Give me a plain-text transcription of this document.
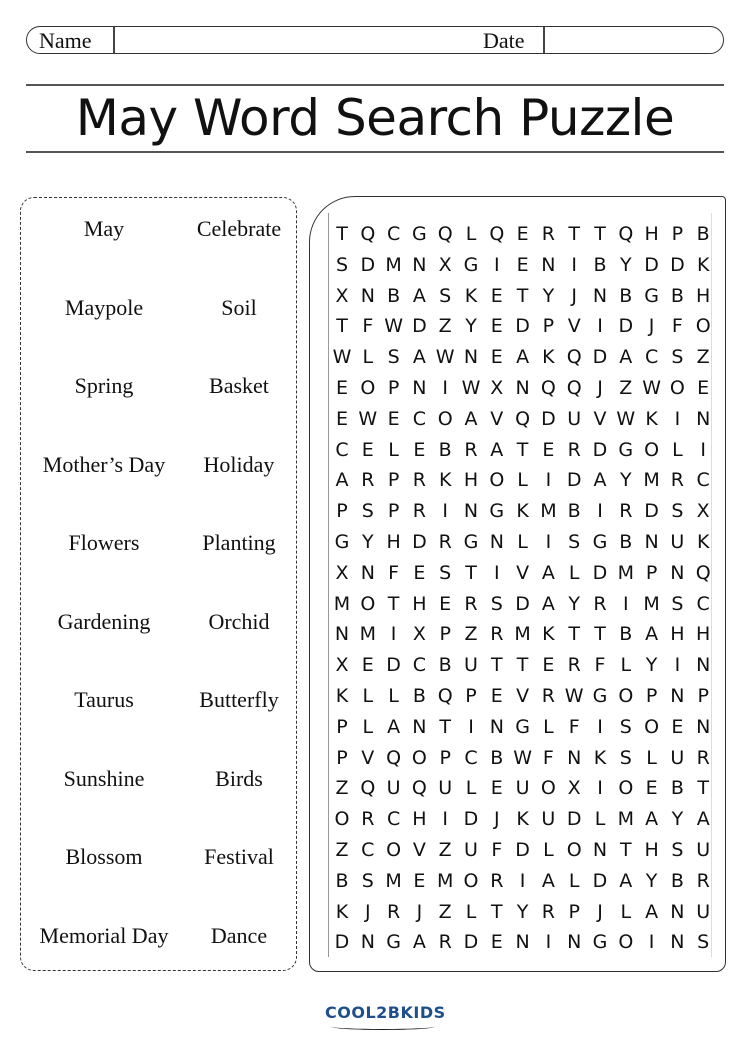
Name	Date
May Word Search Puzzle
May	Celebrate
Maypole	Soil
Spring	Basket
Mother’s Day	Holiday
Flowers	Planting
Gardening	Orchid
Taurus	Butterfly
Sunshine	Birds
Blossom	Festival
Memorial Day	Dance
T Q C G Q L Q E R T T Q H P B
S D M N X G I E N I B Y D D K
X N B A S K E T Y J N B G B H
T F W D Z Y E D P V I D J F O
W L S A W N E A K Q D A C S Z
E O P N I W X N Q Q J Z W O E
E W E C O A V Q D U V W K I N
C E L E B R A T E R D G O L I
A R P R K H O L I D A Y M R C
P S P R I N G K M B I R D S X
G Y H D R G N L I S G B N U K
X N F E S T I V A L D M P N Q
M O T H E R S D A Y R I M S C
N M I X P Z R M K T T B A H H
X E D C B U T T E R F L Y I N
K L L B Q P E V R W G O P N P
P L A N T I N G L F I S O E N
P V Q O P C B W F N K S L U R
Z Q U Q U L E U O X I O E B T
O R C H I D J K U D L M A Y A
Z C O V Z U F D L O N T H S U
B S M E M O R I A L D A Y B R
K J R J Z L T Y R P J L A N U
D N G A R D E N I N G O I N S
COOL2BKIDS
